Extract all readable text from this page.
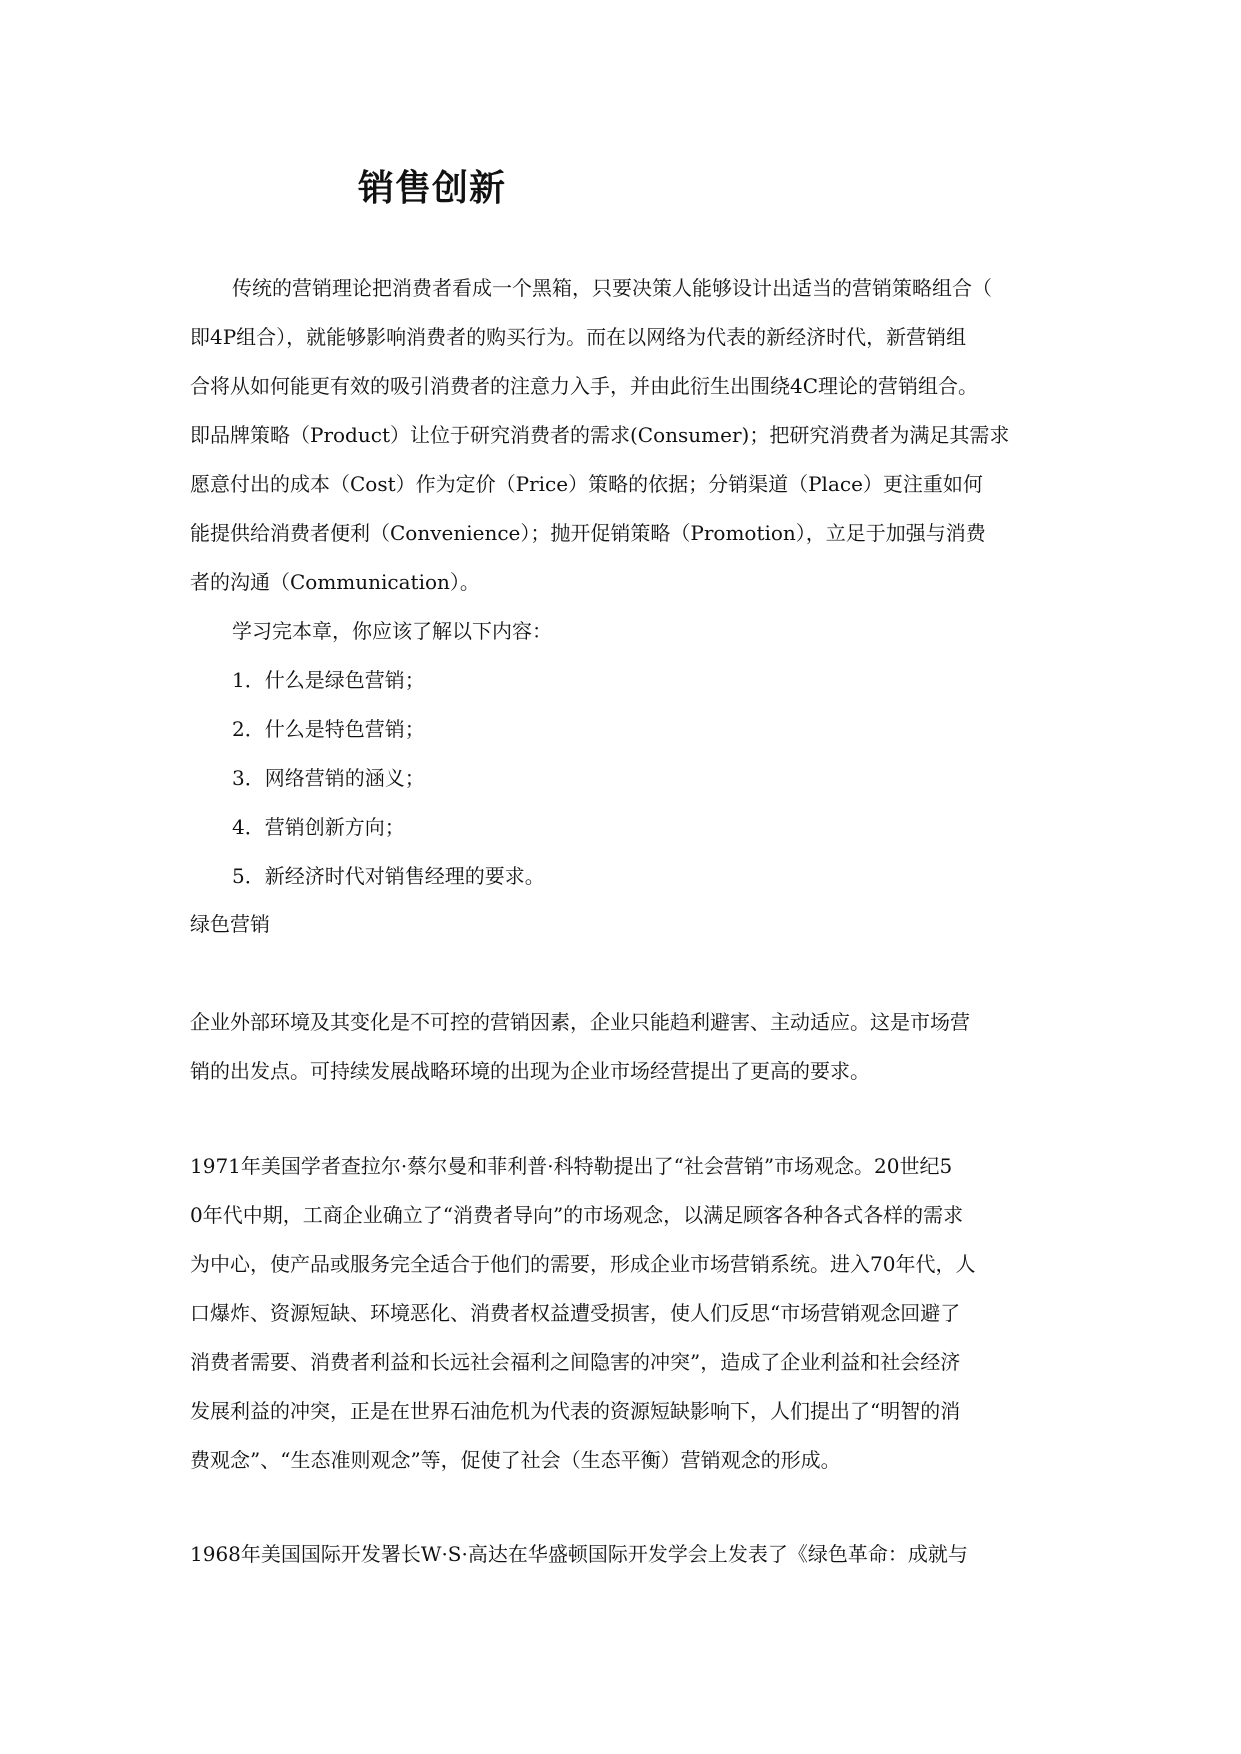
销售创新
传统的营销理论把消费者看成一个黑箱，只要决策人能够设计出适当的营销策略组合（
即4P组合），就能够影响消费者的购买行为。而在以网络为代表的新经济时代，新营销组
合将从如何能更有效的吸引消费者的注意力入手，并由此衍生出围绕4C理论的营销组合。
即品牌策略（Product）让位于研究消费者的需求(Consumer)；把研究消费者为满足其需求
愿意付出的成本（Cost）作为定价（Price）策略的依据；分销渠道（Place）更注重如何
能提供给消费者便利（Convenience）；抛开促销策略（Promotion），立足于加强与消费
者的沟通（Communication）。
学习完本章，你应该了解以下内容：
1．什么是绿色营销；
2．什么是特色营销；
3．网络营销的涵义；
4．营销创新方向；
5．新经济时代对销售经理的要求。
绿色营销
企业外部环境及其变化是不可控的营销因素，企业只能趋利避害、主动适应。这是市场营
销的出发点。可持续发展战略环境的出现为企业市场经营提出了更高的要求。
1971年美国学者查拉尔·蔡尔曼和菲利普·科特勒提出了“社会营销”市场观念。20世纪5
0年代中期，工商企业确立了“消费者导向”的市场观念，以满足顾客各种各式各样的需求
为中心，使产品或服务完全适合于他们的需要，形成企业市场营销系统。进入70年代，人
口爆炸、资源短缺、环境恶化、消费者权益遭受损害，使人们反思“市场营销观念回避了
消费者需要、消费者利益和长远社会福利之间隐害的冲突”，造成了企业利益和社会经济
发展利益的冲突，正是在世界石油危机为代表的资源短缺影响下，人们提出了“明智的消
费观念”、“生态准则观念”等，促使了社会（生态平衡）营销观念的形成。
1968年美国国际开发署长W·S·高达在华盛顿国际开发学会上发表了《绿色革命：成就与
